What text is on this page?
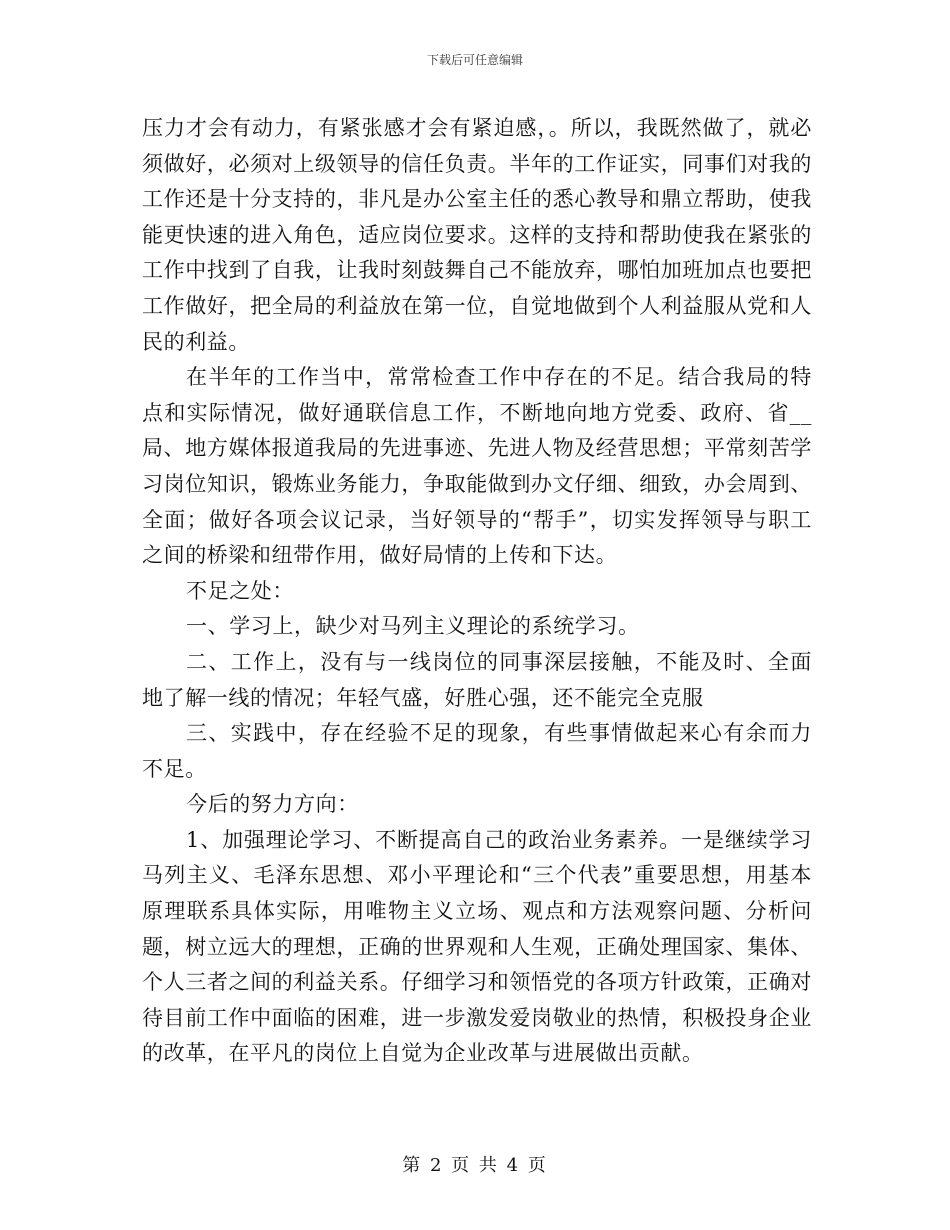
下载后可任意编辑

压力才会有动力，有紧张感才会有紧迫感，。所以，我既然做了，就必须做好，必须对上级领导的信任负责。半年的工作证实，同事们对我的工作还是十分支持的，非凡是办公室主任的悉心教导和鼎立帮助，使我能更快速的进入角色，适应岗位要求。这样的支持和帮助使我在紧张的工作中找到了自我，让我时刻鼓舞自己不能放弃，哪怕加班加点也要把工作做好，把全局的利益放在第一位，自觉地做到个人利益服从党和人民的利益。

在半年的工作当中，常常检查工作中存在的不足。结合我局的特点和实际情况，做好通联信息工作，不断地向地方党委、政府、省__局、地方媒体报道我局的先进事迹、先进人物及经营思想；平常刻苦学习岗位知识，锻炼业务能力，争取能做到办文仔细、细致，办会周到、全面；做好各项会议记录，当好领导的“帮手”，切实发挥领导与职工之间的桥梁和纽带作用，做好局情的上传和下达。

不足之处：

一、学习上，缺少对马列主义理论的系统学习。

二、工作上，没有与一线岗位的同事深层接触，不能及时、全面地了解一线的情况；年轻气盛，好胜心强，还不能完全克服

三、实践中，存在经验不足的现象，有些事情做起来心有余而力不足。

今后的努力方向：

1、加强理论学习、不断提高自己的政治业务素养。一是继续学习马列主义、毛泽东思想、邓小平理论和“三个代表”重要思想，用基本原理联系具体实际，用唯物主义立场、观点和方法观察问题、分析问题，树立远大的理想，正确的世界观和人生观，正确处理国家、集体、个人三者之间的利益关系。仔细学习和领悟党的各项方针政策，正确对待目前工作中面临的困难，进一步激发爱岗敬业的热情，积极投身企业的改革，在平凡的岗位上自觉为企业改革与进展做出贡献。

第 2 页 共 4 页
